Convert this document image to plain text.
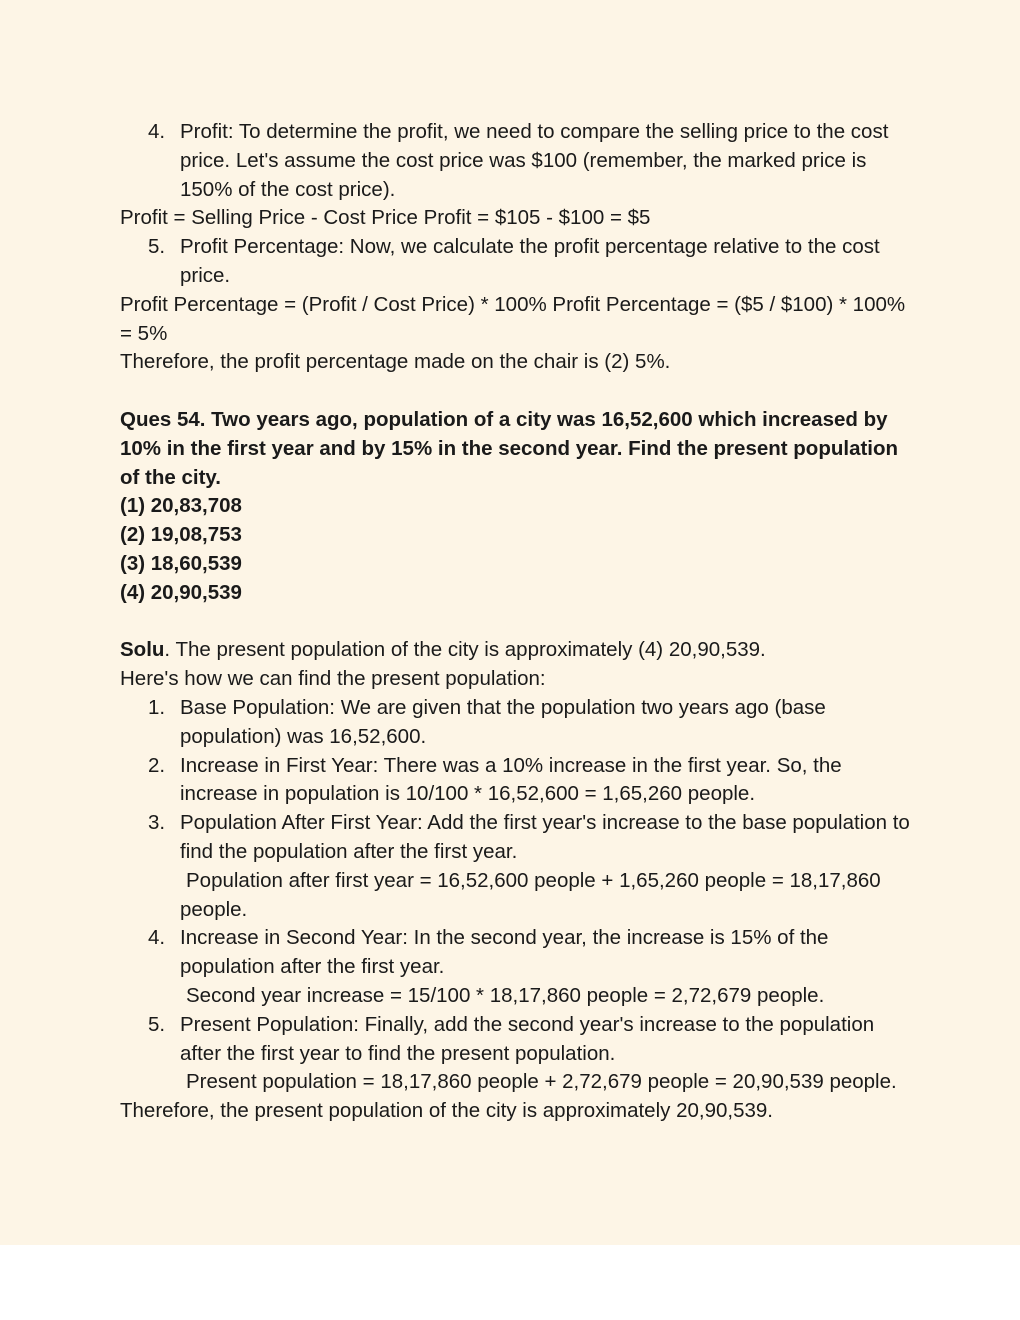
4. Profit: To determine the profit, we need to compare the selling price to the cost price. Let's assume the cost price was $100 (remember, the marked price is 150% of the cost price).

Profit = Selling Price - Cost Price Profit = $105 - $100 = $5

5. Profit Percentage: Now, we calculate the profit percentage relative to the cost price.

Profit Percentage = (Profit / Cost Price) * 100% Profit Percentage = ($5 / $100) * 100% = 5%

Therefore, the profit percentage made on the chair is (2) 5%.

Ques 54. Two years ago, population of a city was 16,52,600 which increased by 10% in the first year and by 15% in the second year. Find the present population of the city.

(1) 20,83,708

(2) 19,08,753

(3) 18,60,539

(4) 20,90,539

Solu. The present population of the city is approximately (4) 20,90,539.

Here's how we can find the present population:

1. Base Population: We are given that the population two years ago (base population) was 16,52,600.
2. Increase in First Year: There was a 10% increase in the first year. So, the increase in population is 10/100 * 16,52,600 = 1,65,260 people.
3. Population After First Year: Add the first year's increase to the base population to find the population after the first year.
Population after first year = 16,52,600 people + 1,65,260 people = 18,17,860 people.
4. Increase in Second Year: In the second year, the increase is 15% of the population after the first year.
Second year increase = 15/100 * 18,17,860 people = 2,72,679 people.
5. Present Population: Finally, add the second year's increase to the population after the first year to find the present population.
Present population = 18,17,860 people + 2,72,679 people = 20,90,539 people.

Therefore, the present population of the city is approximately 20,90,539.
